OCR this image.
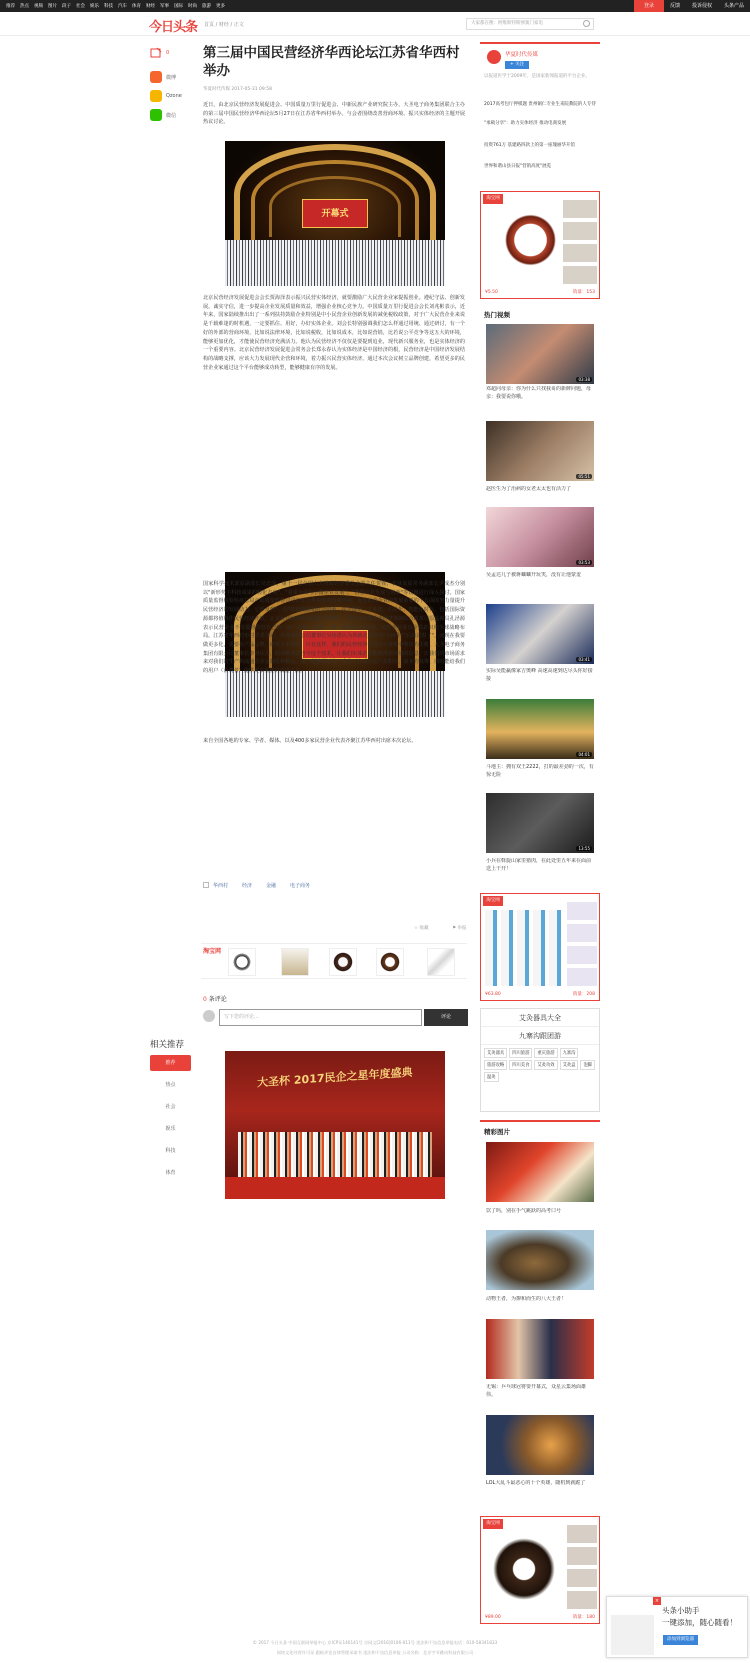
推荐 热点 视频 图片 段子 社会 娱乐 科技 汽车 体育 财经 军事 国际 时尚 旅游 更多	登录	反馈	投诉侵权	头条产品
今日头条 首页 / 财经 / 正文	大家都在搜：阿维斯特斯弹簧门家电
0
微博
Qzone
微信
第三届中国民营经济华西论坛江苏省华西村举办
华夏时代传媒 2017-05-31 09:58

近日，由北京民营经济发展促进会、中国质量万里行促进会、中新民族产业研究院主办，大圣电子商务集团联合主办的第三届中国民营经济华西论坛5月27日在江苏省华西村举办。与会者围绕改善营商环境、振兴实体经济的主题开展热议讨论。

开幕式

北京民营经济发展促进会会长贾海泽表示振兴民营实体经济，就要激励广大民营企业家提振创业。遵纪守法、创新发展。诚实守信，进一步提高企业发展质量和效益，增强企业核心竞争力。中国质量万里行促进会会长刘兆彬表示，近年来，国家陆续推出出了一系列扶持鼓励企业特别是中小民营企业创新发展的减免税收政策，对于广大民营企业来说是千载难逢的时机遇，一定要抓住、用好，办好实体企业。刘会长特别强调我们怎么样通过用统、通过研讨，有一个好的外部的营商环境，比如说法律环境，比如说税收，比如说成本，比如说营销，比若说公平竞争等这五大的环境，能够更加优化，才能使民营经济充满活力。他认为民营经济不仅仅是要提到追业，现代新兴服务业，也是实体经济的一个重要内容。北京民营经济发展促进会常务会长郑永春认为实体经济是中国经济的根，民营经济是中国经济发展结构的战略支撑，应该大力发展现代企营和环境，着力振兴民营实体经济。通过本次会议树立品牌创建，希望更多的民营企业家通过这个平台能够成功转型，能够健康有序的发展。

国家科学技术部原副部长吴忠泽、第十一届全国人大财政经济委员会副主任贺铿、农业部原常务副部长尹成杰分别以"新形势下科技成果的转化方向"、"着重全面与小微企业发展"、"智慧农业发展与创新"等议题进行深入探讨。国家质量监督检验检疫总局产品质量监督司司长郑卫华说改善营商环境，促进民营企业的发展重要的个方面的努力量提升民营经济的发展动力，它涉及到"三创"政府资源和社会资源。在全球化、工业化、信息化、智能化时代，包括国际资源都将值得作民营经济开放。北京民营经济发展促进会理事长、国家发展改革委经济体制综合改革司原巡视员孔泾源表示民营企业不仅要将营好自己的一亩三分地，抓着"一带一路"倡议的实施，民营企业要有全局意识和全球战略布局。江苏省华西村市村党委书记、华西集团公司董事长吴协恩认为着就走对的"扩大再生产后的过时了"，而现在我要做更多化，更要在产品品牌、研发上去创新，只有这样，我们的民营经济在这次大变革中突出的主机。大圣电子商务集团有限公司董事长李涛认为，如何解决好当今这个技术，让我们实体企业能够得到有效的信息，让我们的市场需求来对我们的生产和流通企业定制化和精品。第一能够保证生产企业不盲成大量产品积压，成本的浪费，同时能给我们的用户（消费者）提供更多需要的质量产品。

来自全国各地的专家、学者、媒体、以及400多家民营企业代表齐聚江苏华西村出席本次论坛。

大圣杯 2017民企之星年度盛典
华西村	经济	金融	电子商务
☆ 收藏	⚑ 举报
淘宝网
0 条评论
写下您的评论...	评论
相关推荐
推荐
热点
社会
娱乐
科技
体育
华夏时代传媒
+ 关注
以报道医学于2009年，是国家新闻报道的平台企业。
2017高考包厅押模题 贵州铜仁专业生来院教院的人专待
"承载分享"：助力实体经济 推动电商发展
投资761万 基建路四款上的第一座瑰丽华开馆
世界和谐山县日报"营销高度"展览
淘宝网
¥5.50	销量：153
热门视频
03:38
邓超问母亲：你为什么只找我哥的新鲜问题，母亲：我要说你哦。
05:51
赵医生为了治病的女老太太也有活力了
03:53
吴孟达儿子被蒋蛐蛐开玩笑，没有让他蒙羞
03:41
实际吴能赢像家吉奥峰 高速高速到达尽头你好接接
04:01
斗地主：拥有双王2222，打的最差劲的一次，有惊无险
13:55
小兵在斡旋山家里猪肉，在此处里五年来在面前送上干开！
淘宝网
¥63.80	销量：208
艾灸器具大全
九寨沟跟团游
艾灸器具	四川旅游	重庆旅游	九寨沟
旅游攻略	四川美食	艾灸功效	艾灸盒	泡脚
温灸
精彩图片
饮了吗，别在手气跳跃的高考口号
动物王者，为撩和而生的八大王者！
无锡：乒乓球冠将要开幕式，众星云集场面雄伟。
LOL大乱斗最恶心的十个英雄，随机到就跪了
淘宝网
¥89.00	销量：180
© 2017 今日头条 中国互联网举报中心 京ICP证140141号 京网文[2016]0106-011号 违法和不良信息举报电话：010-58341833
网络文化经营许可证 跟帖评论自律管理承诺书 违法和不良信息举报 公司名称：北京字节跳动科技有限公司
×
头条小助手
一键添加，随心随看！
添加到浏览器
